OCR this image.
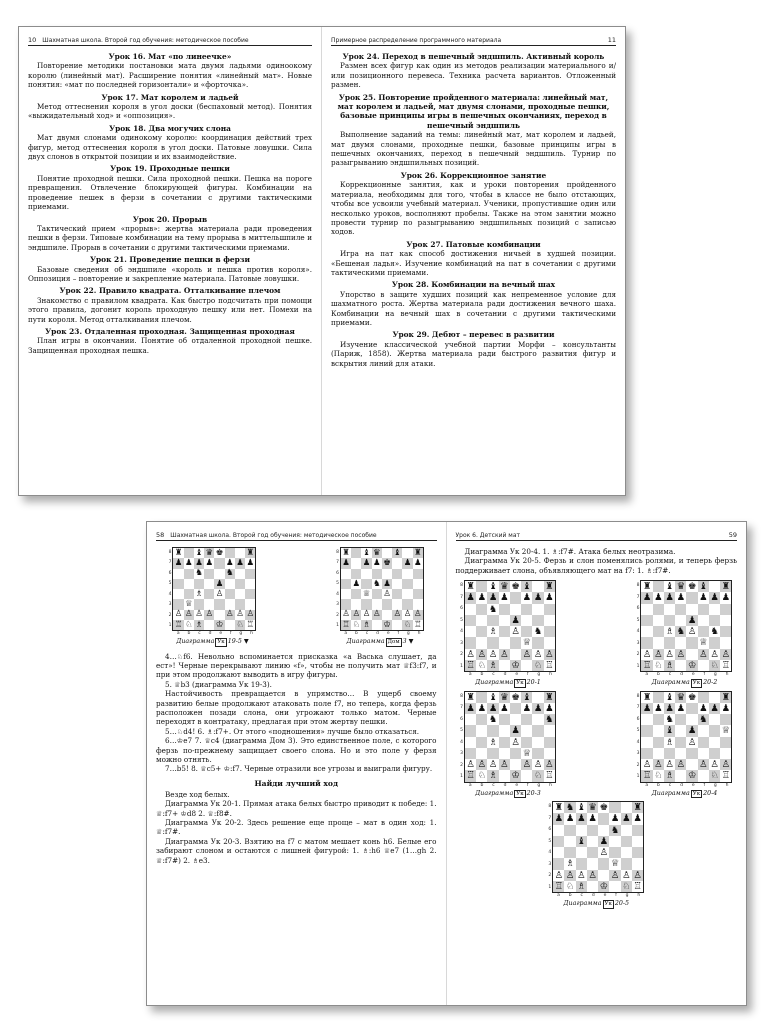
10 Шахматная школа. Второй год обучения: методическое пособие
Урок 16. Мат «по линеечке»

Повторение методики постановки мата двумя ладьями одиноокому королю (линейный мат). Расширение понятия «линейный мат». Новые понятия: «мат по последней горизонтали» и «форточка».

Урок 17. Мат королем и ладьей

Метод оттеснения короля в угол доски (беспаховый метод). Понятия «выжидательный ход» и «оппозиция».

Урок 18. Два могучих слона

Мат двумя слонами одинокому королю: координация действий трех фигур, метод оттеснения короля в угол доски. Патовые ловушки. Сила двух слонов в открытой позиции и их взаимодействие.

Урок 19. Проходные пешки

Понятие проходной пешки. Сила проходной пешки. Пешка на пороге превращения. Отвлечение блокирующей фигуры. Комбинации на проведение пешек в ферзи в сочетании с другими тактическими приемами.

Урок 20. Прорыв

Тактический прием «прорыв»: жертва материала ради проведения пешки в ферзи. Типовые комбинации на тему прорыва в миттельшпиле и эндшпиле. Прорыв в сочетании с другими тактическими приемами.

Урок 21. Проведение пешки в ферзи

Базовые сведения об эндшпиле «король и пешка против короля». Оппозиция – повторение и закрепление материала. Патовые ловушки.

Урок 22. Правило квадрата. Отталкивание плечом

Знакомство с правилом квадрата. Как быстро подсчитать при помощи этого правила, догонит король проходную пешку или нет. Помехи на пути короля. Метод отталкивания плечом.

Урок 23. Отдаленная проходная. Защищенная проходная

План игры в окончании. Понятие об отдаленной проходной пешке. Защищенная проходная пешка.

Примерное распределение программного материала	11
Урок 24. Переход в пешечный эндшпиль. Активный король

Размен всех фигур как один из методов реализации материального и/или позиционного перевеса. Техника расчета вариантов. Отложенный размен.

Урок 25. Повторение пройденного материала: линейный мат, мат королем и ладьей, мат двумя слонами, проходные пешки, базовые принципы игры в пешечных окончаниях, переход в пешечный эндшпиль

Выполнение заданий на темы: линейный мат, мат королем и ладьей, мат двумя слонами, проходные пешки, базовые принципы игры в пешечных окончаниях, переход в пешечный эндшпиль. Турнир по разыгрыванию эндшпильных позиций.

Урок 26. Коррекционное занятие

Коррекционные занятия, как и уроки повторения пройденного материала, необходимы для того, чтобы в классе не было отстающих, чтобы все усвоили учебный материал. Ученики, пропустившие один или несколько уроков, восполняют пробелы. Также на этом занятии можно провести турнир по разыгрыванию эндшпильных позиций с записью ходов.

Урок 27. Патовые комбинации

Игра на пат как способ достижения ничьей в худшей позиции. «Бешеная ладья». Изучение комбинаций на пат в сочетании с другими тактическими приемами.

Урок 28. Комбинации на вечный шах

Упорство в защите худших позиций как непременное условие для шахматного роста. Жертва материала ради достижения вечного шаха. Комбинации на вечный шах в сочетании с другими тактическими приемами.

Урок 29. Дебют – перевес в развитии

Изучение классической учебной партии Морфи – консультанты (Париж, 1858). Жертва материала ради быстрого развития фигур и вскрытия линий для атаки.

58 Шахматная школа. Второй год обучения: методическое пособие
8
7
6
5
4
3
2
1
♜ ♝ ♛ ♚	♜
♟ ♟ ♟ ♟ ♟ ♟ ♟
♞	♞
♟
♗ ♙
♕
♙ ♙ ♙ ♙ ♙ ♙ ♙
♖ ♘ ♗ ♔ ♘ ♖
a b c d e f g h
Диаграмма Ук 19-5 ▼
8
7
6
5
4
3
2
1
♜ ♝ ♛ ♝ ♜
♟ ♟ ♟ ♚ ♟ ♟
♟ ♞ ♟
♕ ♙
♙ ♙ ♙ ♙ ♙ ♙ ♙
♖ ♘ ♗ ♔ ♘ ♖
a b c d e f g h
Диаграмма Дом 3 ▼

4…♘f6. Невольно вспоминается присказка «а Васька слушает, да ест»! Черные перекрывают линию «f», чтобы не получить мат ♕f3:f7, и при этом продолжают выводить в игру фигуры.

5. ♕b3 (диаграмма Ук 19-3).

Настойчивость превращается в упрямство… В ущерб своему развитию белые продолжают атаковать поле f7, но теперь, когда ферзь расположен позади слона, они угрожают только матом. Черные переходят в контратаку, предлагая при этом жертву пешки.

5…♘d4! 6. ♗:f7+. От этого «подношения» лучше было отказаться.

6…♔e7 7. ♕c4 (диаграмма Дом 3). Это единственное поле, с которого ферзь по-прежнему защищает своего слона. Но и это поле у ферзя можно отнять.

7…b5! 8. ♕c5+ ♔:f7. Черные отразили все угрозы и выиграли фигуру.

Найди лучший ход

Везде ход белых.

Диаграмма Ук 20-1. Прямая атака белых быстро приводит к победе: 1. ♕:f7+ ♔d8 2. ♕:f8#.

Диаграмма Ук 20-2. Здесь решение еще проще – мат в один ход: 1. ♕:f7#.

Диаграмма Ук 20-3. Взятию на f7 с матом мешает конь h6. Белые его забирают слоном и остаются с лишней фигурой: 1. ♗:h6 ♕e7 (1…gh 2. ♕:f7#) 2. ♗e3.

Урок 6. Детский мат	59

Диаграмма Ук 20-4. 1. ♗:f7#. Атака белых неотразима.

Диаграмма Ук 20-5. Ферзь и слон поменялись ролями, и теперь ферзь поддерживает слона, объявляющего мат на f7: 1. ♗:f7#.

8
7
6
5
4
3
2
1
♜ ♝ ♛ ♚ ♝ ♜
♟ ♟ ♟ ♟ ♟ ♟ ♟
♞
♟
♗ ♙ ♞
♕
♙ ♙ ♙ ♙ ♙ ♙ ♙
♖ ♘ ♗ ♔ ♘ ♖
a b c d e f g h
Диаграмма Ук 20-1
8
7
6
5
4
3
2
1
♜ ♝ ♛ ♚ ♝ ♜
♟ ♟ ♟ ♟ ♟ ♟ ♟
♟
♗ ♞ ♙ ♞
♕
♙ ♙ ♙ ♙ ♙ ♙ ♙
♖ ♘ ♗ ♔ ♘ ♖
a b c d e f g h
Диаграмма Ук 20-2
8
7
6
5
4
3
2
1
♜ ♝ ♛ ♚ ♝ ♜
♟ ♟ ♟ ♟ ♟ ♟ ♟
♞	♞
♟
♗ ♙
♕
♙ ♙ ♙ ♙ ♙ ♙ ♙
♖ ♘ ♗ ♔ ♘ ♖
a b c d e f g h
Диаграмма Ук 20-3
8
7
6
5
4
3
2
1
♜ ♝ ♛ ♚	♜
♟ ♟ ♟ ♟ ♟ ♟ ♟
♞	♞
♝ ♟	♕
♗ ♙
♙ ♙ ♙ ♙ ♙ ♙ ♙
♖ ♘ ♗ ♔ ♘ ♖
a b c d e f g h
Диаграмма Ук 20-4
8
7
6
5
4
3
2
1
♜ ♞ ♝ ♛ ♚	♜
♟ ♟ ♟ ♟ ♟ ♟ ♟
♞
♝ ♟
♙
♗	♕
♙ ♙ ♙ ♙ ♙ ♙ ♙
♖ ♘ ♗ ♔ ♘ ♖
a b c d e f g h
Диаграмма Ук 20-5
